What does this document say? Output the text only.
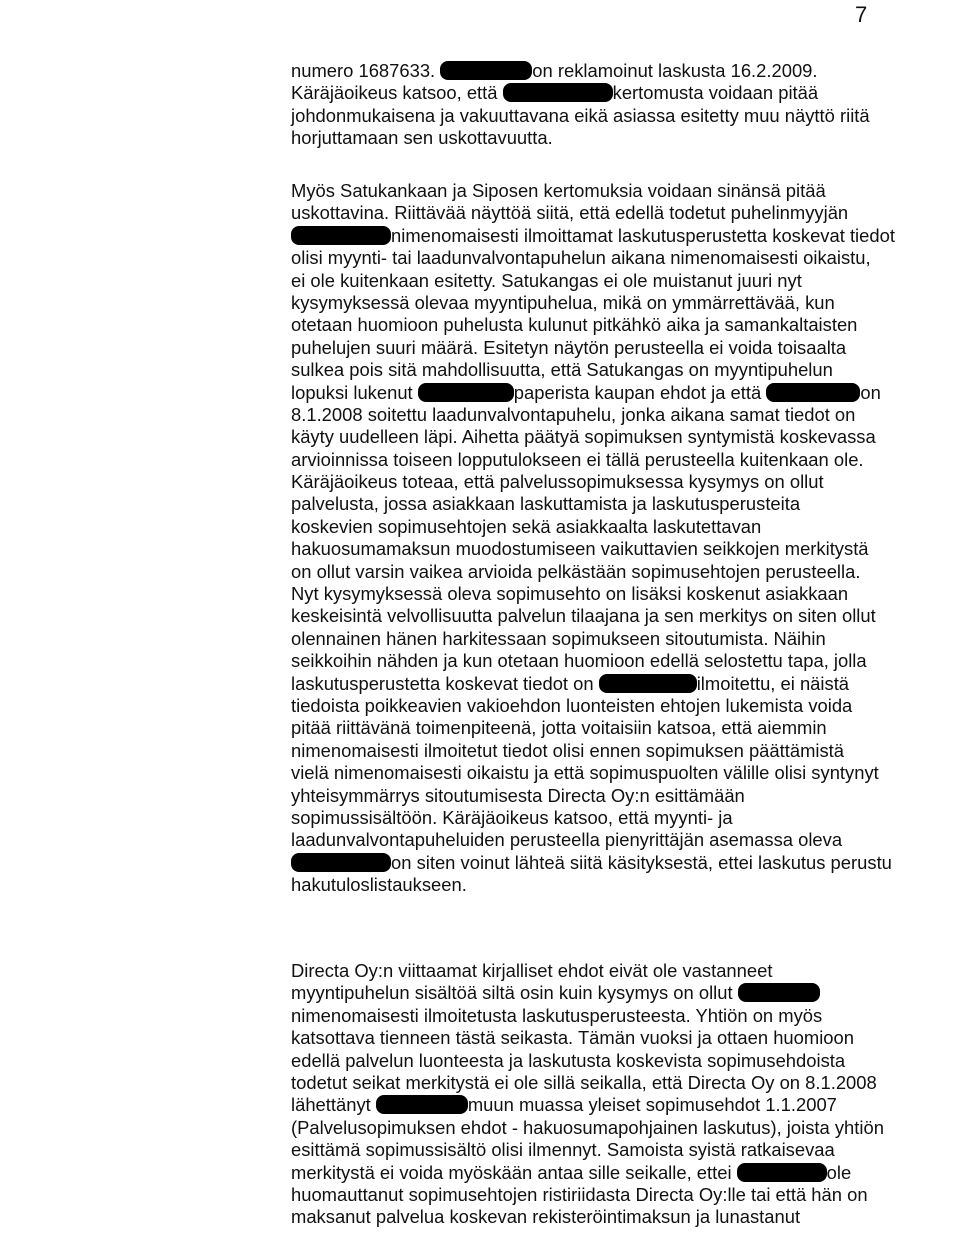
7
numero 1687633.	on reklamoinut laskusta 16.2.2009.
Käräjäoikeus katsoo, että	kertomusta voidaan pitää
johdonmukaisena ja vakuuttavana eikä asiassa esitetty muu näyttö riitä
horjuttamaan sen uskottavuutta.
Myös Satukankaan ja Siposen kertomuksia voidaan sinänsä pitää
uskottavina. Riittävää näyttöä siitä, että edellä todetut puhelinmyyjän
nimenomaisesti ilmoittamat laskutusperustetta koskevat tiedot
olisi myynti- tai laadunvalvontapuhelun aikana nimenomaisesti oikaistu,
ei ole kuitenkaan esitetty. Satukangas ei ole muistanut juuri nyt
kysymyksessä olevaa myyntipuhelua, mikä on ymmärrettävää, kun
otetaan huomioon puhelusta kulunut pitkähkö aika ja samankaltaisten
puhelujen suuri määrä. Esitetyn näytön perusteella ei voida toisaalta
sulkea pois sitä mahdollisuutta, että Satukangas on myyntipuhelun
lopuksi lukenut	paperista kaupan ehdot ja että	on
8.1.2008 soitettu laadunvalvontapuhelu, jonka aikana samat tiedot on
käyty uudelleen läpi. Aihetta päätyä sopimuksen syntymistä koskevassa
arvioinnissa toiseen lopputulokseen ei tällä perusteella kuitenkaan ole.
Käräjäoikeus toteaa, että palvelussopimuksessa kysymys on ollut
palvelusta, jossa asiakkaan laskuttamista ja laskutusperusteita
koskevien sopimusehtojen sekä asiakkaalta laskutettavan
hakuosumamaksun muodostumiseen vaikuttavien seikkojen merkitystä
on ollut varsin vaikea arvioida pelkästään sopimusehtojen perusteella.
Nyt kysymyksessä oleva sopimusehto on lisäksi koskenut asiakkaan
keskeisintä velvollisuutta palvelun tilaajana ja sen merkitys on siten ollut
olennainen hänen harkitessaan sopimukseen sitoutumista. Näihin
seikkoihin nähden ja kun otetaan huomioon edellä selostettu tapa, jolla
laskutusperustetta koskevat tiedot on	ilmoitettu, ei näistä
tiedoista poikkeavien vakioehdon luonteisten ehtojen lukemista voida
pitää riittävänä toimenpiteenä, jotta voitaisiin katsoa, että aiemmin
nimenomaisesti ilmoitetut tiedot olisi ennen sopimuksen päättämistä
vielä nimenomaisesti oikaistu ja että sopimuspuolten välille olisi syntynyt
yhteisymmärrys sitoutumisesta Directa Oy:n esittämään
sopimussisältöön. Käräjäoikeus katsoo, että myynti- ja
laadunvalvontapuheluiden perusteella pienyrittäjän asemassa oleva
on siten voinut lähteä siitä käsityksestä, ettei laskutus perustu
hakutuloslistaukseen.
Directa Oy:n viittaamat kirjalliset ehdot eivät ole vastanneet
myyntipuhelun sisältöä siltä osin kuin kysymys on ollut
nimenomaisesti ilmoitetusta laskutusperusteesta. Yhtiön on myös
katsottava tienneen tästä seikasta. Tämän vuoksi ja ottaen huomioon
edellä palvelun luonteesta ja laskutusta koskevista sopimusehdoista
todetut seikat merkitystä ei ole sillä seikalla, että Directa Oy on 8.1.2008
lähettänyt	muun muassa yleiset sopimusehdot 1.1.2007
(Palvelusopimuksen ehdot - hakuosumapohjainen laskutus), joista yhtiön
esittämä sopimussisältö olisi ilmennyt. Samoista syistä ratkaisevaa
merkitystä ei voida myöskään antaa sille seikalle, ettei	ole
huomauttanut sopimusehtojen ristiriidasta Directa Oy:lle tai että hän on
maksanut palvelua koskevan rekisteröintimaksun ja lunastanut
